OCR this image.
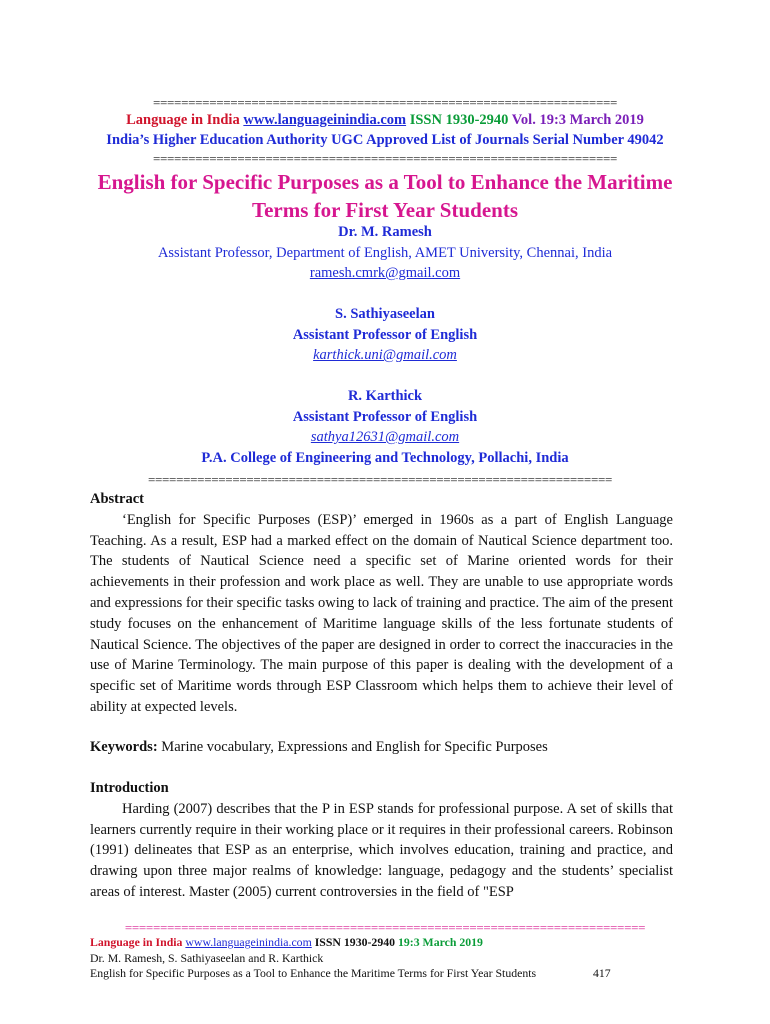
==================================================================
Language in India www.languageinindia.com ISSN 1930-2940 Vol. 19:3 March 2019
India’s Higher Education Authority UGC Approved List of Journals Serial Number 49042
==================================================================
English for Specific Purposes as a Tool to Enhance the Maritime
Terms for First Year Students
Dr. M. Ramesh
Assistant Professor, Department of English, AMET University, Chennai, India
ramesh.cmrk@gmail.com
S. Sathiyaseelan
Assistant Professor of English
karthick.uni@gmail.com
R. Karthick
Assistant Professor of English
sathya12631@gmail.com
P.A. College of Engineering and Technology, Pollachi, India
==================================================================

Abstract

‘English for Specific Purposes (ESP)’ emerged in 1960s as a part of English Language Teaching. As a result, ESP had a marked effect on the domain of Nautical Science department too. The students of Nautical Science need a specific set of Marine oriented words for their achievements in their profession and work place as well. They are unable to use appropriate words and expressions for their specific tasks owing to lack of training and practice. The aim of the present study focuses on the enhancement of Maritime language skills of the less fortunate students of Nautical Science. The objectives of the paper are designed in order to correct the inaccuracies in the use of Marine Terminology. The main purpose of this paper is dealing with the development of a specific set of Maritime words through ESP Classroom which helps them to achieve their level of ability at expected levels.

Keywords: Marine vocabulary, Expressions and English for Specific Purposes

Introduction

Harding (2007) describes that the P in ESP stands for professional purpose. A set of skills that learners currently require in their working place or it requires in their professional careers. Robinson (1991) delineates that ESP as an enterprise, which involves education, training and practice, and drawing upon three major realms of knowledge: language, pedagogy and the students’ specialist areas of interest. Master (2005) current controversies in the field of "ESP

==========================================================================
Language in India www.languageinindia.com ISSN 1930-2940 19:3 March 2019
Dr. M. Ramesh, S. Sathiyaseelan and R. Karthick
English for Specific Purposes as a Tool to Enhance the Maritime Terms for First Year Students	417
